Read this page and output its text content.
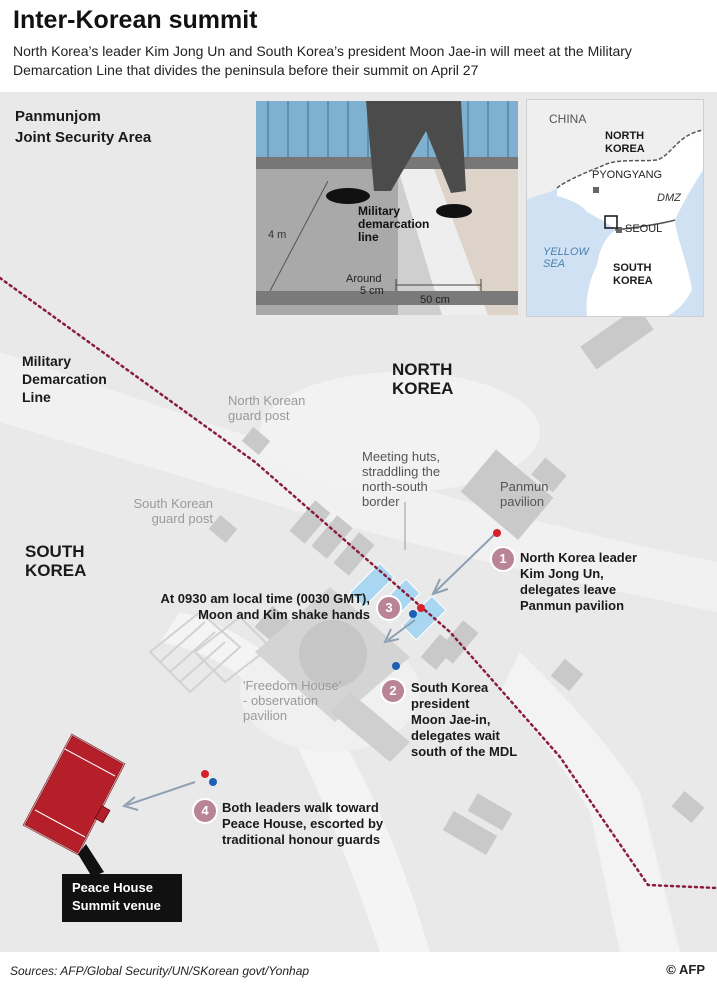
Inter-Korean summit
North Korea’s leader Kim Jong Un and South Korea’s president Moon Jae-in will meet at the Military Demarcation Line that divides the peninsula before their summit on April 27
Military
demarcation
line
4 m
Around
5 cm
50 cm
CHINA
NORTH
KOREA
PYONGYANG
DMZ
SEOUL
YELLOW
SEA	SOUTH
KOREA
Panmunjom
Joint Security Area
Military
Demarcation
Line
NORTH
KOREA
SOUTH
KOREA
North Korean
guard post
South Korean
guard post
Meeting huts,
straddling the
north-south
border
Panmun
pavilion
'Freedom House'
- observation
pavilion
1	North Korea leader
Kim Jong Un,
delegates leave
Panmun pavilion
2	South Korea
president
Moon Jae-in,
delegates wait
south of the MDL
3
At 0930 am local time (0030 GMT),
Moon and Kim shake hands
4	Both leaders walk toward
Peace House, escorted by
traditional honour guards
Peace House
Summit venue
Sources: AFP/Global Security/UN/SKorean govt/Yonhap	© AFP
